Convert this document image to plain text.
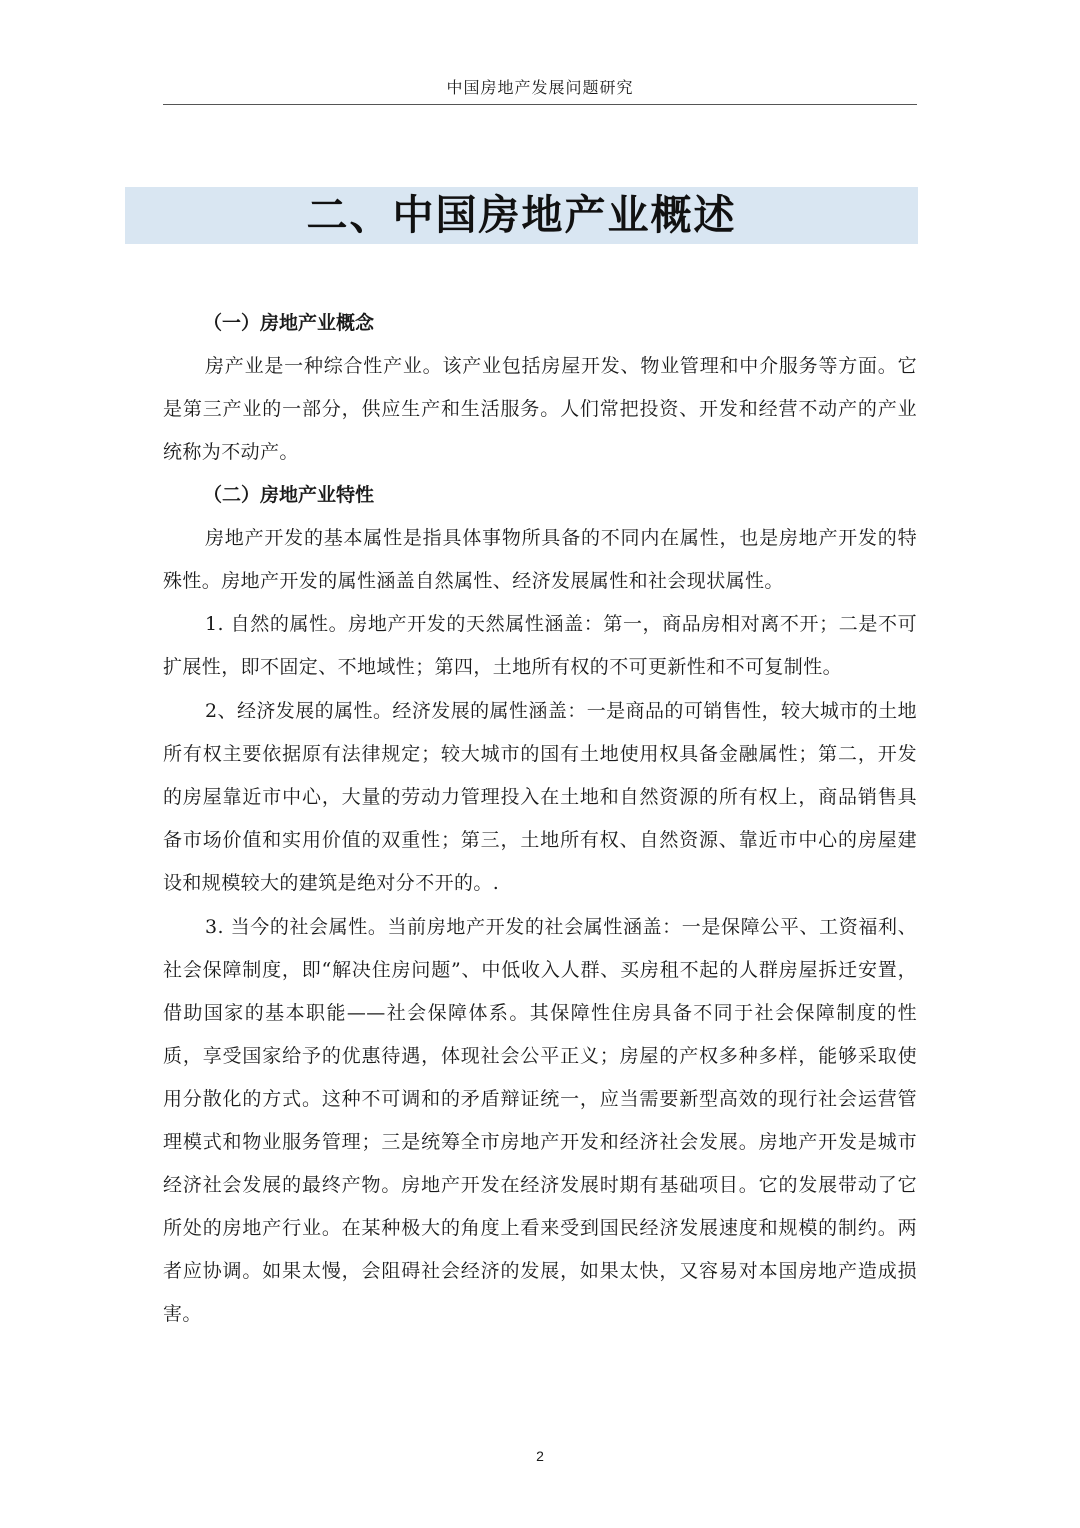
中国房地产发展问题研究
二、中国房地产业概述

（一）房地产业概念

房产业是一种综合性产业。该产业包括房屋开发、物业管理和中介服务等方面。它是第三产业的一部分，供应生产和生活服务。人们常把投资、开发和经营不动产的产业统称为不动产。

（二）房地产业特性

房地产开发的基本属性是指具体事物所具备的不同内在属性，也是房地产开发的特殊性。房地产开发的属性涵盖自然属性、经济发展属性和社会现状属性。

1. 自然的属性。房地产开发的天然属性涵盖：第一，商品房相对离不开；二是不可扩展性，即不固定、不地域性；第四，土地所有权的不可更新性和不可复制性。

2、经济发展的属性。经济发展的属性涵盖：一是商品的可销售性，较大城市的土地所有权主要依据原有法律规定；较大城市的国有土地使用权具备金融属性；第二，开发的房屋靠近市中心，大量的劳动力管理投入在土地和自然资源的所有权上，商品销售具备市场价值和实用价值的双重性；第三，土地所有权、自然资源、靠近市中心的房屋建设和规模较大的建筑是绝对分不开的。.

3. 当今的社会属性。当前房地产开发的社会属性涵盖：一是保障公平、工资福利、社会保障制度，即“解决住房问题”、中低收入人群、买房租不起的人群房屋拆迁安置，借助国家的基本职能——社会保障体系。其保障性住房具备不同于社会保障制度的性质，享受国家给予的优惠待遇，体现社会公平正义；房屋的产权多种多样，能够采取使用分散化的方式。这种不可调和的矛盾辩证统一，应当需要新型高效的现行社会运营管理模式和物业服务管理；三是统筹全市房地产开发和经济社会发展。房地产开发是城市经济社会发展的最终产物。房地产开发在经济发展时期有基础项目。它的发展带动了它所处的房地产行业。在某种极大的角度上看来受到国民经济发展速度和规模的制约。两者应协调。如果太慢，会阻碍社会经济的发展，如果太快，又容易对本国房地产造成损害。

2
